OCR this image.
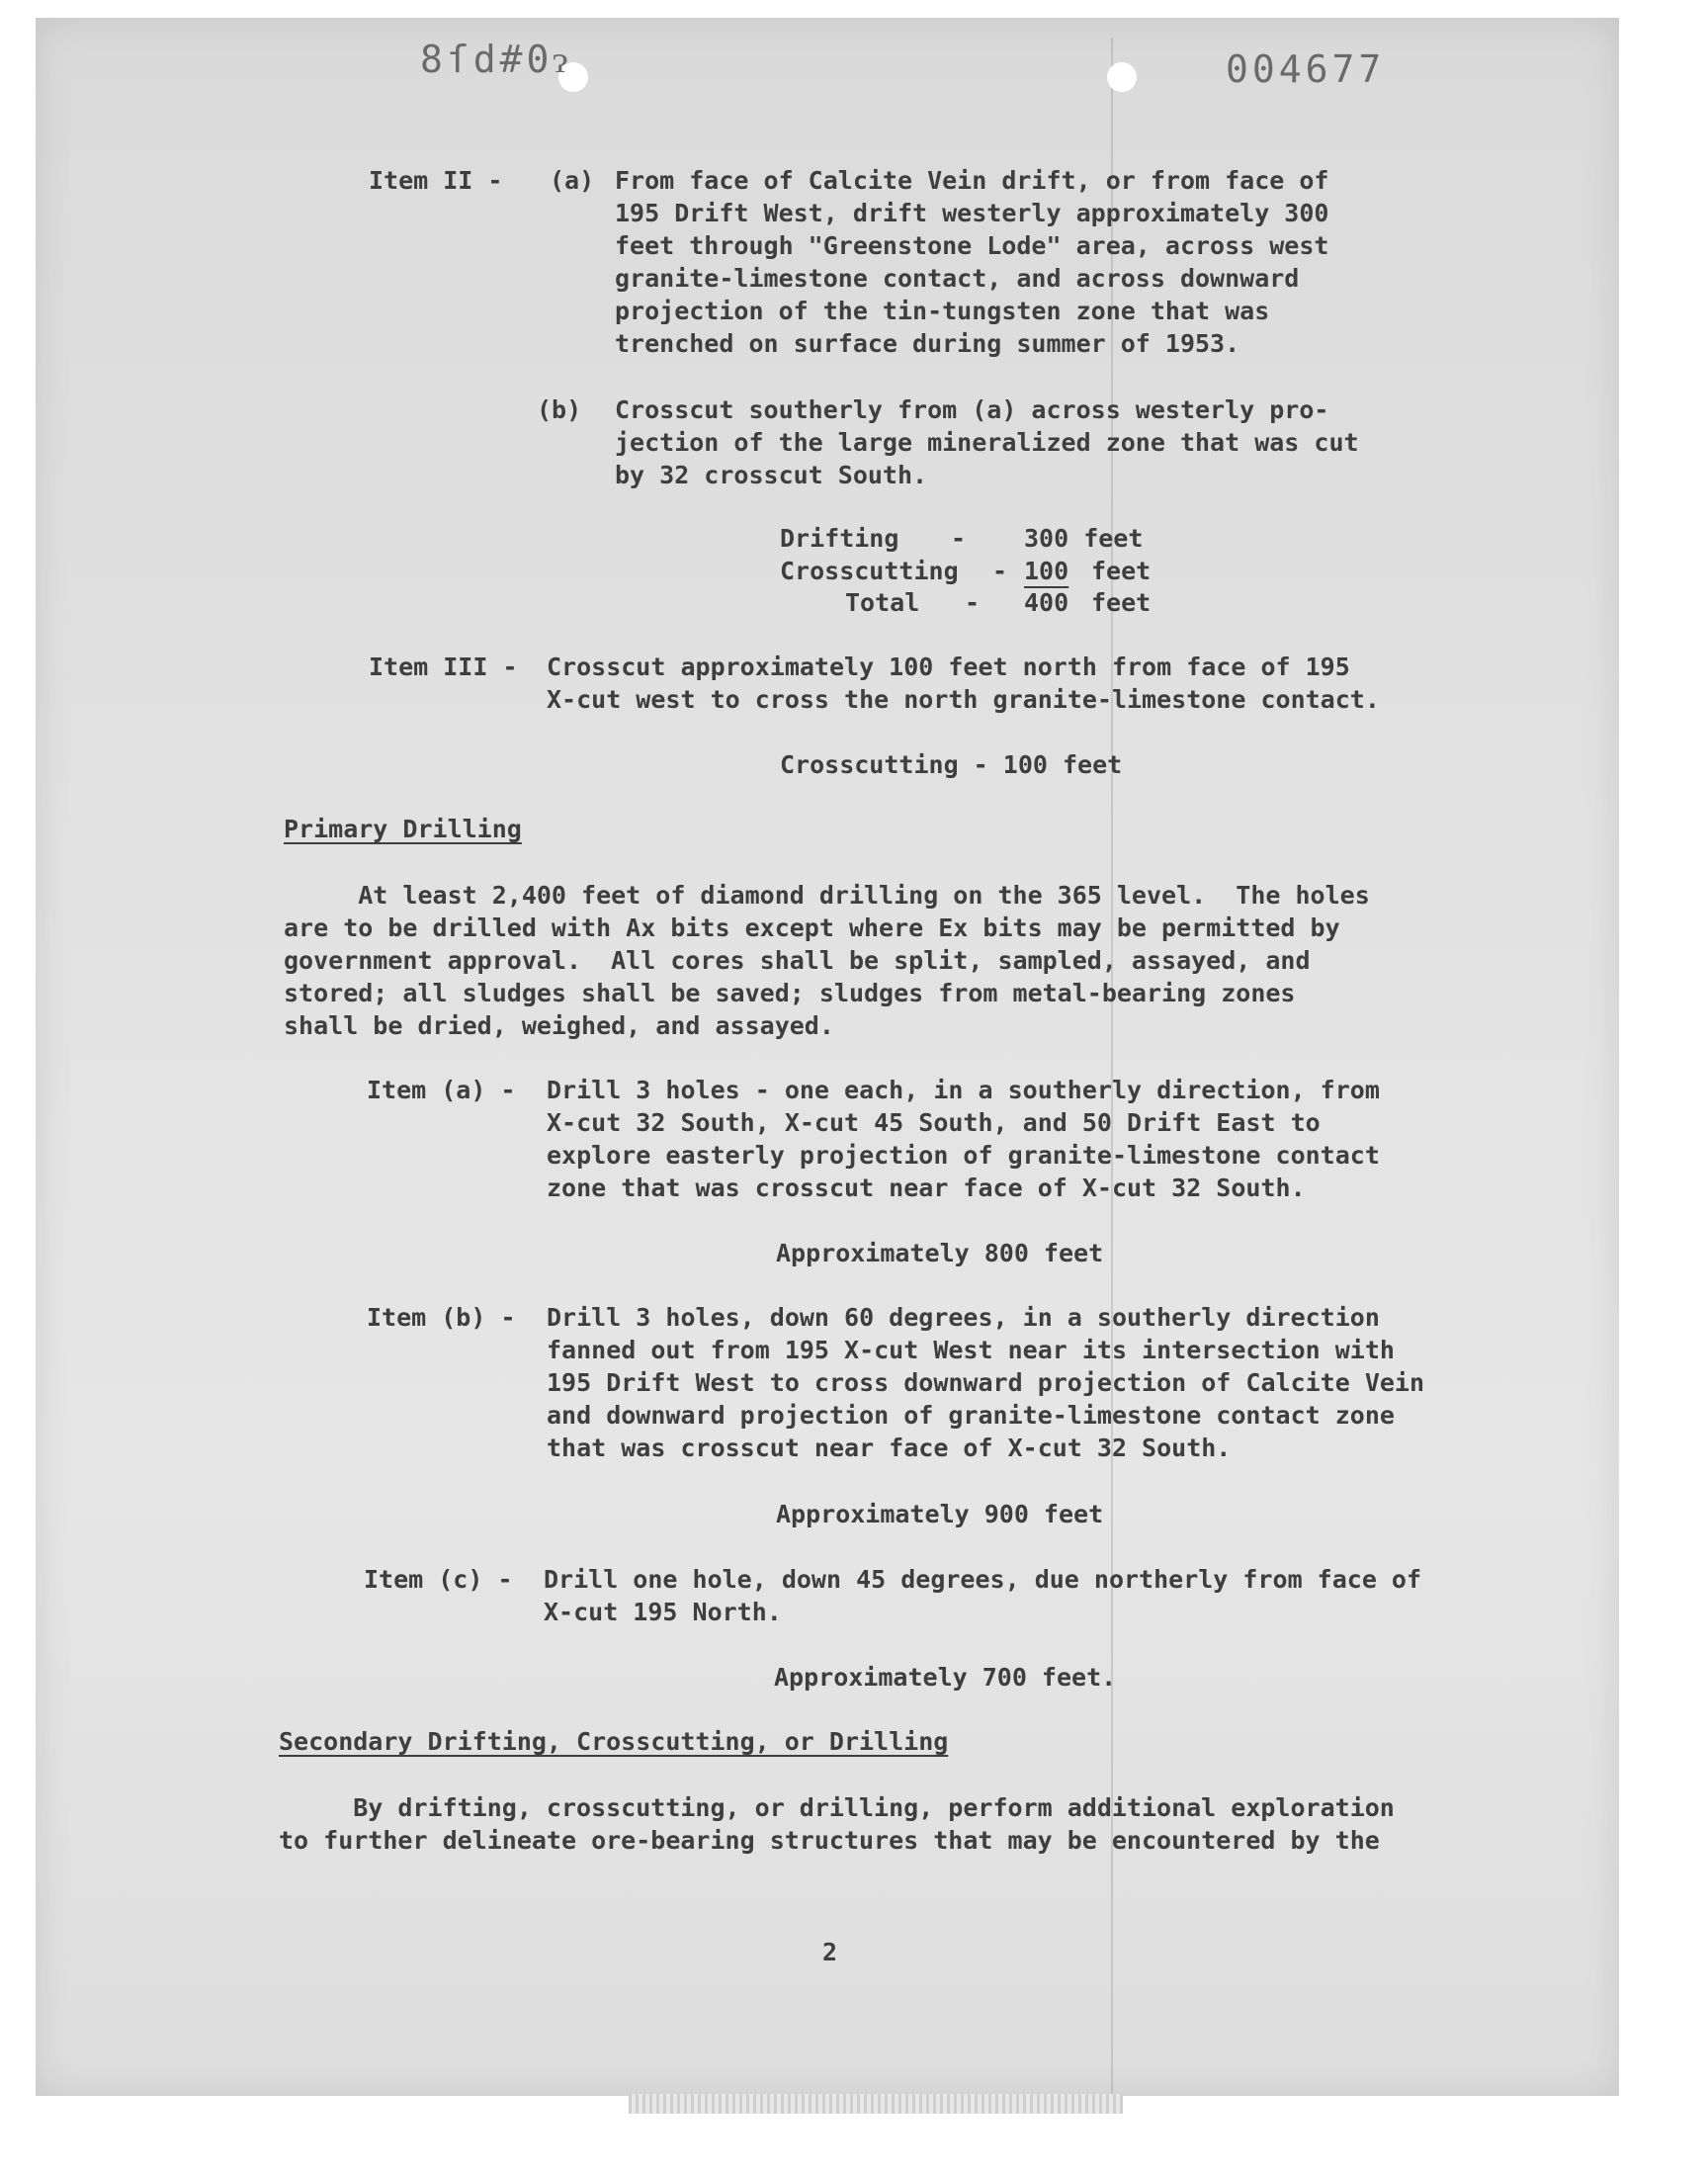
8ſd#0ɂ	004677
Item II - (a) From face of Calcite Vein drift, or from face of
195 Drift West, drift westerly approximately 300
feet through "Greenstone Lode" area, across west
granite-limestone contact, and across downward
projection of the tin-tungsten zone that was
trenched on surface during summer of 1953.
(b) Crosscut southerly from (a) across westerly pro-
jection of the large mineralized zone that was cut
by 32 crosscut South.
Drifting - 300 feet
Crosscutting - 100 feet
Total - 400 feet
Item III - Crosscut approximately 100 feet north from face of 195
X-cut west to cross the north granite-limestone contact.
Crosscutting - 100 feet
Primary Drilling
At least 2,400 feet of diamond drilling on the 365 level.  The holes
are to be drilled with Ax bits except where Ex bits may be permitted by
government approval.  All cores shall be split, sampled, assayed, and
stored; all sludges shall be saved; sludges from metal-bearing zones
shall be dried, weighed, and assayed.
Item (a) - Drill 3 holes - one each, in a southerly direction, from
X-cut 32 South, X-cut 45 South, and 50 Drift East to
explore easterly projection of granite-limestone contact
zone that was crosscut near face of X-cut 32 South.
Approximately 800 feet
Item (b) - Drill 3 holes, down 60 degrees, in a southerly direction
fanned out from 195 X-cut West near its intersection with
195 Drift West to cross downward projection of Calcite Vein
and downward projection of granite-limestone contact zone
that was crosscut near face of X-cut 32 South.
Approximately 900 feet
Item (c) - Drill one hole, down 45 degrees, due northerly from face of
X-cut 195 North.
Approximately 700 feet.
Secondary Drifting, Crosscutting, or Drilling
By drifting, crosscutting, or drilling, perform additional exploration
to further delineate ore-bearing structures that may be encountered by the
2
